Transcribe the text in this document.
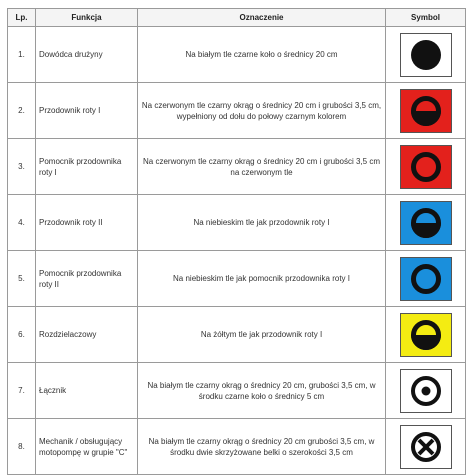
Lp.	Funkcja	Oznaczenie	Symbol
1.	Dowódca drużyny	Na białym tle czarne koło o średnicy 20 cm	

2.	Przodownik roty I	Na czerwonym tle czarny okrąg o średnicy 20 cm i grubości 3,5 cm, wypełniony od dołu do połowy czarnym kolorem	

3.	Pomocnik przodownika roty I	Na czerwonym tle czarny okrąg o średnicy 20 cm i grubości 3,5 cm na czerwonym tle	

4.	Przodownik roty II	Na niebieskim tle jak przodownik roty I	

5.	Pomocnik przodownika roty II	Na niebieskim tle jak pomocnik przodownika roty I	

6.	Rozdzielaczowy	Na żółtym tle jak przodownik roty I	

7.	Łącznik	Na białym tle czarny okrąg o średnicy 20 cm, grubości 3,5 cm, w środku czarne koło o średnicy 5 cm	

8.	Mechanik / obsługujący motopompę w grupie "C"	Na białym tle czarny okrąg o średnicy 20 cm grubości 3,5 cm, w środku dwie skrzyżowane belki o szerokości 3,5 cm	
